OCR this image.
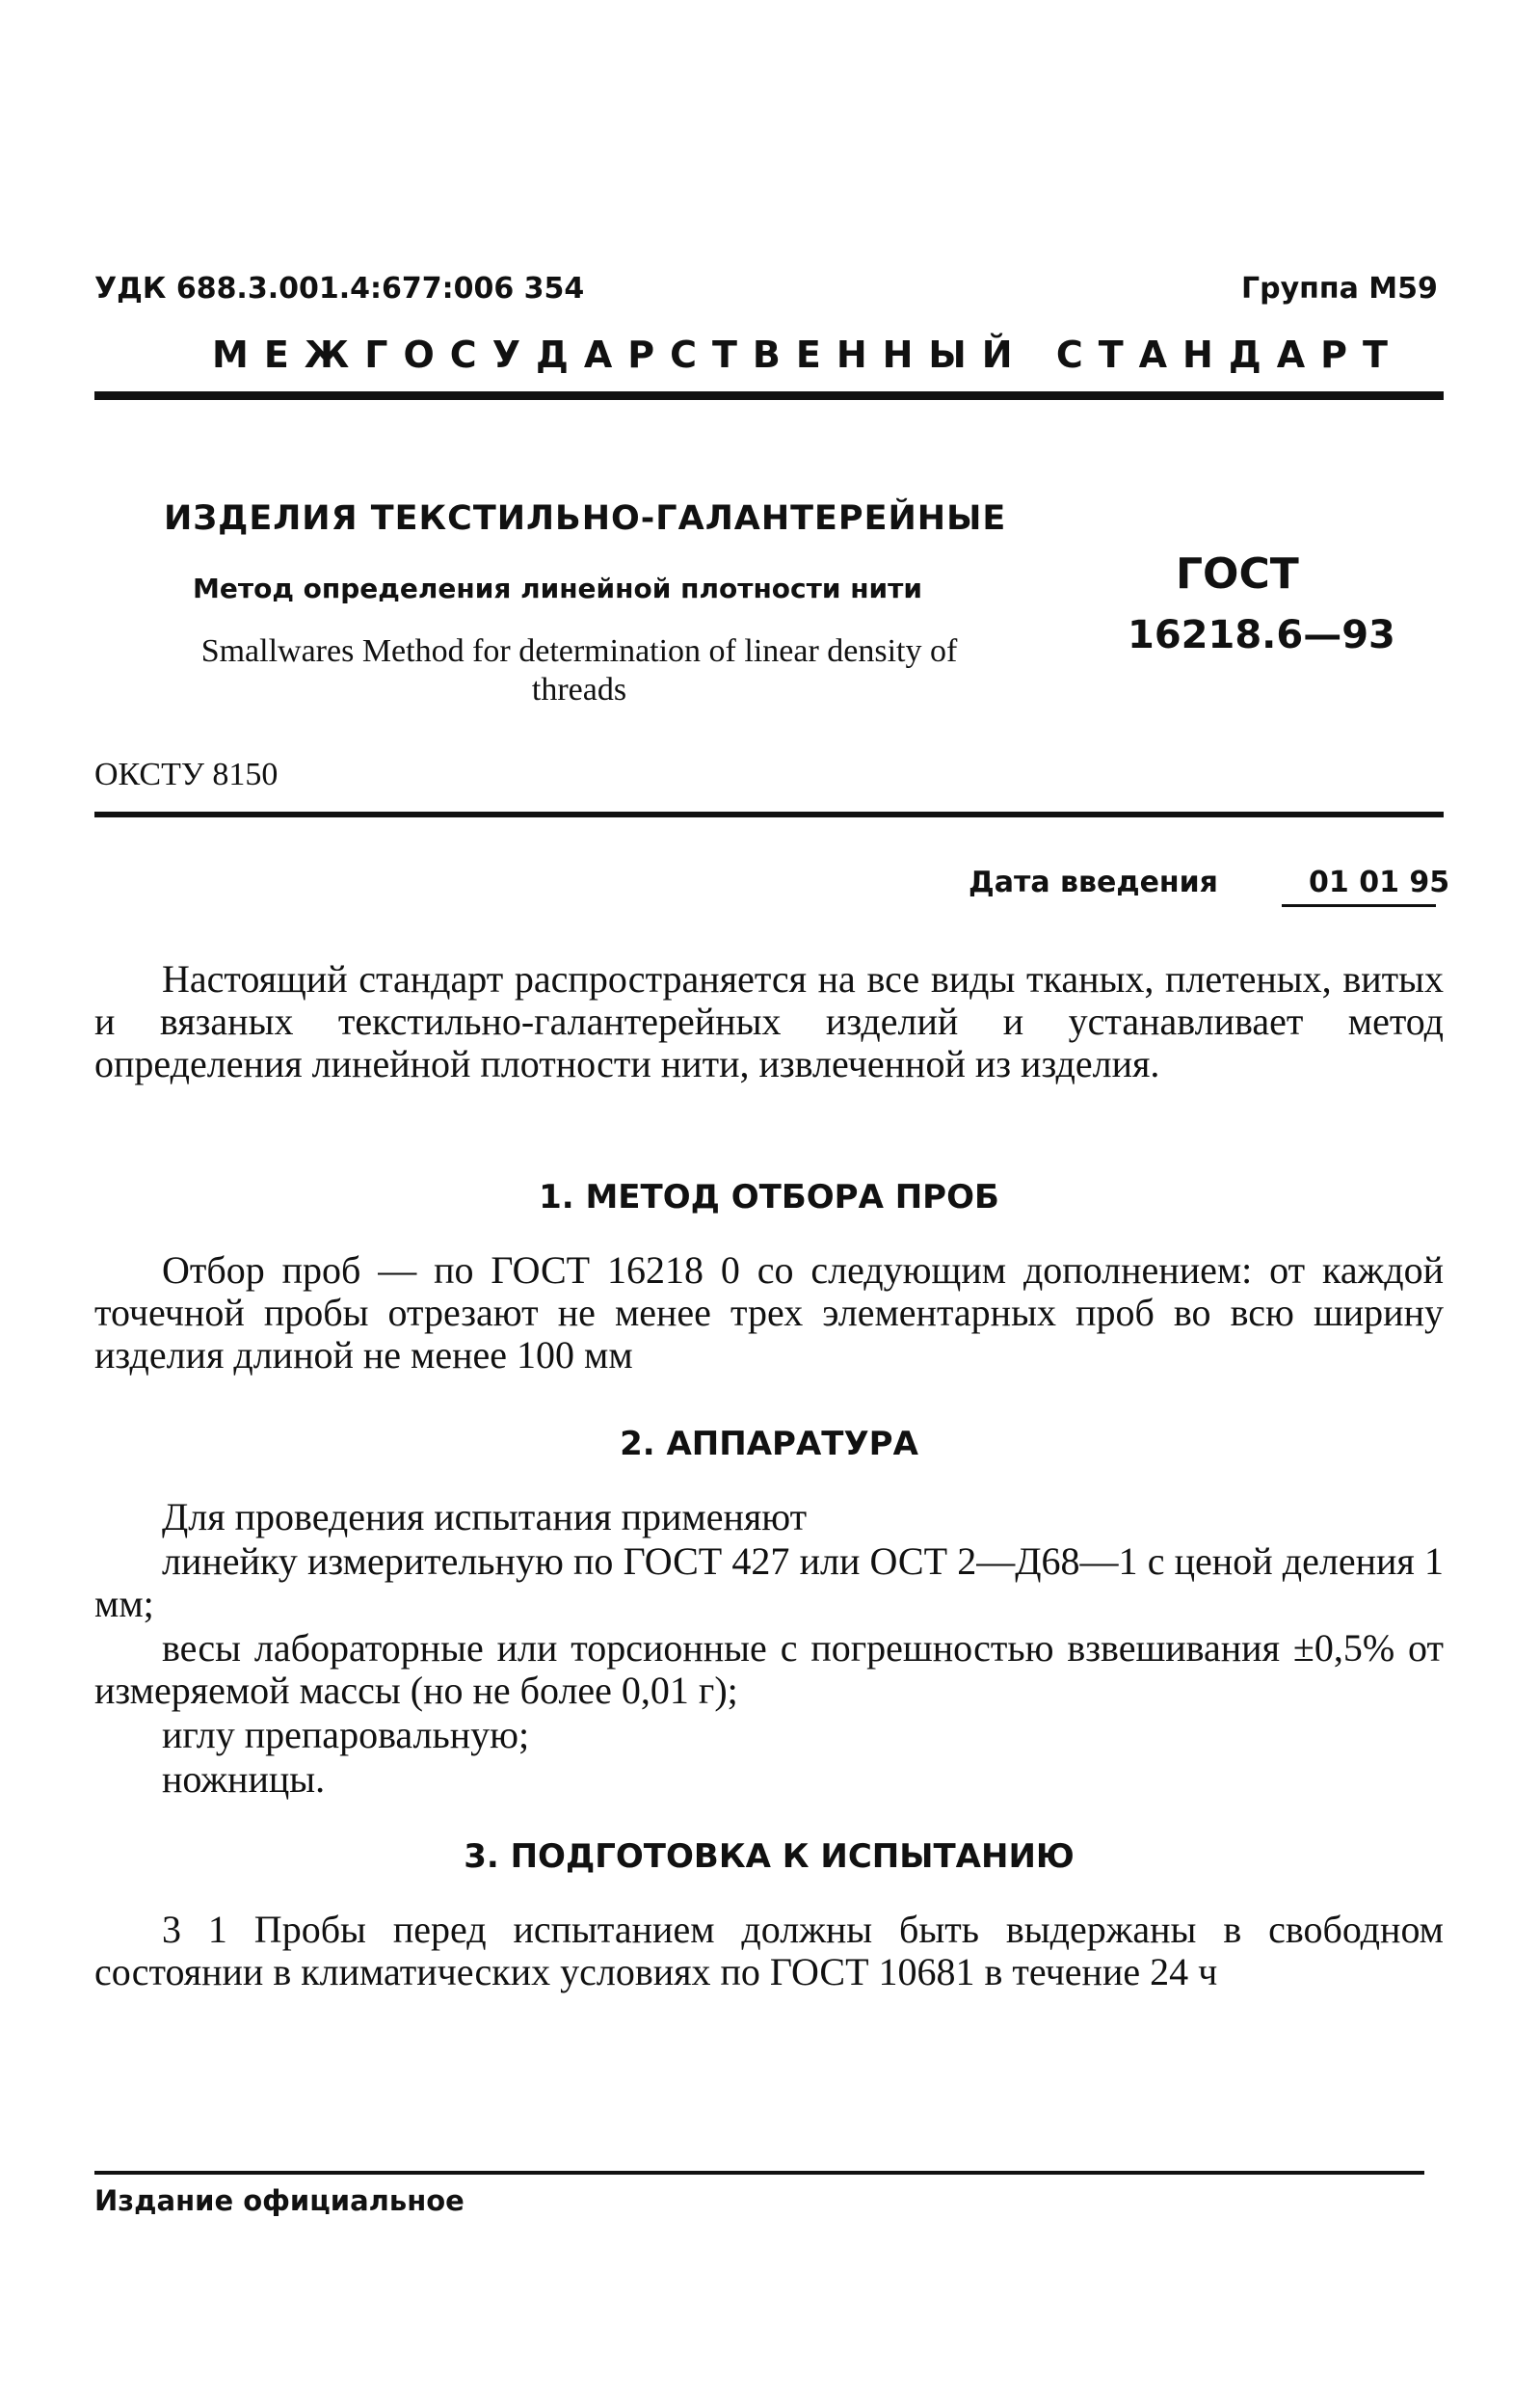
УДК 688.3.001.4:677:006 354	Группа М59
МЕЖГОСУДАРСТВЕННЫЙ СТАНДАРТ
ИЗДЕЛИЯ ТЕКСТИЛЬНО-ГАЛАНТЕРЕЙНЫЕ
Метод определения линейной плотности нити
Smallwares Method for determination of linear density of threads
ГОСТ
16218.6—93
ОКСТУ 8150
Дата введения	01 01 95
Настоящий стандарт распространяется на все виды тканых, плетеных, витых и вязаных текстильно-галантерейных изделий и устанавливает метод определения линейной плотности нити, извлеченной из изделия.
1. МЕТОД ОТБОРА ПРОБ
Отбор проб — по ГОСТ 16218 0 со следующим дополнением: от каждой точечной пробы отрезают не менее трех элементарных проб во всю ширину изделия длиной не менее 100 мм
2. АППАРАТУРА
Для проведения испытания применяют
линейку измерительную по ГОСТ 427 или ОСТ 2—Д68—1 с ценой деления 1 мм;
весы лабораторные или торсионные с погрешностью взвешивания ±0,5% от измеряемой массы (но не более 0,01 г);
иглу препаровальную;
ножницы.
3. ПОДГОТОВКА К ИСПЫТАНИЮ
3 1 Пробы перед испытанием должны быть выдержаны в свободном состоянии в климатических условиях по ГОСТ 10681 в течение 24 ч
Издание официальное
